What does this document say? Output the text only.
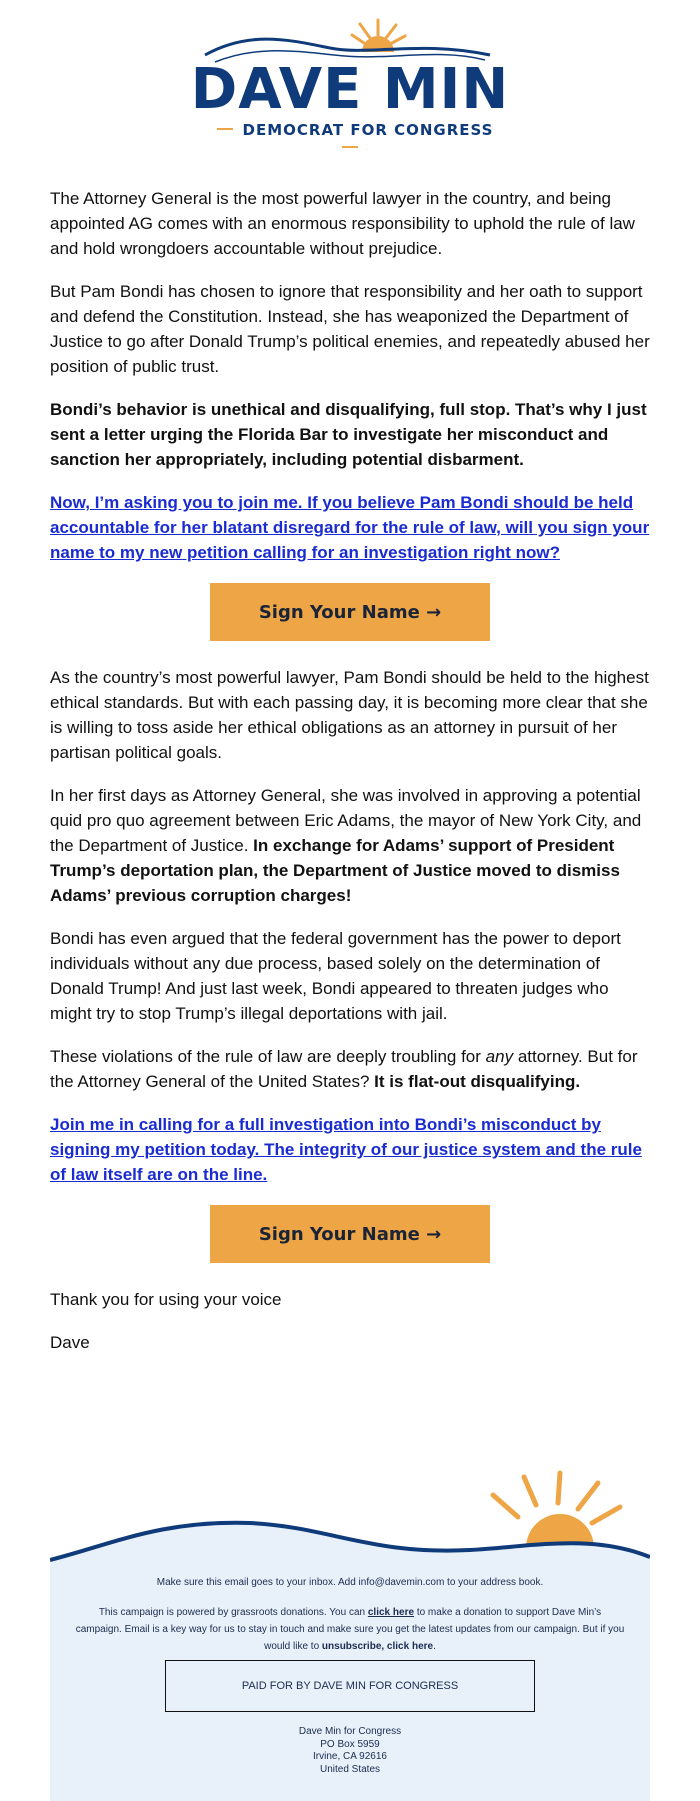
DAVE MIN
DEMOCRAT FOR CONGRESS

The Attorney General is the most powerful lawyer in the country, and being appointed AG comes with an enormous responsibility to uphold the rule of law and hold wrongdoers accountable without prejudice.

But Pam Bondi has chosen to ignore that responsibility and her oath to support and defend the Constitution. Instead, she has weaponized the Department of Justice to go after Donald Trump’s political enemies, and repeatedly abused her position of public trust.

Bondi’s behavior is unethical and disqualifying, full stop. That’s why I just sent a letter urging the Florida Bar to investigate her misconduct and sanction her appropriately, including potential disbarment.

Now, I’m asking you to join me. If you believe Pam Bondi should be held accountable for her blatant disregard for the rule of law, will you sign your name to my new petition calling for an investigation right now?

Sign Your Name →

As the country’s most powerful lawyer, Pam Bondi should be held to the highest ethical standards. But with each passing day, it is becoming more clear that she is willing to toss aside her ethical obligations as an attorney in pursuit of her partisan political goals.

In her first days as Attorney General, she was involved in approving a potential quid pro quo agreement between Eric Adams, the mayor of New York City, and the Department of Justice. In exchange for Adams’ support of President Trump’s deportation plan, the Department of Justice moved to dismiss Adams’ previous corruption charges!

Bondi has even argued that the federal government has the power to deport individuals without any due process, based solely on the determination of Donald Trump! And just last week, Bondi appeared to threaten judges who might try to stop Trump’s illegal deportations with jail.

These violations of the rule of law are deeply troubling for any attorney. But for the Attorney General of the United States? It is flat-out disqualifying.

Join me in calling for a full investigation into Bondi’s misconduct by signing my petition today. The integrity of our justice system and the rule of law itself are on the line.

Sign Your Name →

Thank you for using your voice

Dave

Make sure this email goes to your inbox. Add info@davemin.com to your address book.
This campaign is powered by grassroots donations. You can click here to make a donation to support Dave Min’s campaign. Email is a key way for us to stay in touch and make sure you get the latest updates from our campaign. But if you would like to unsubscribe, click here.
PAID FOR BY DAVE MIN FOR CONGRESS
Dave Min for Congress
PO Box 5959
Irvine, CA 92616
United States
